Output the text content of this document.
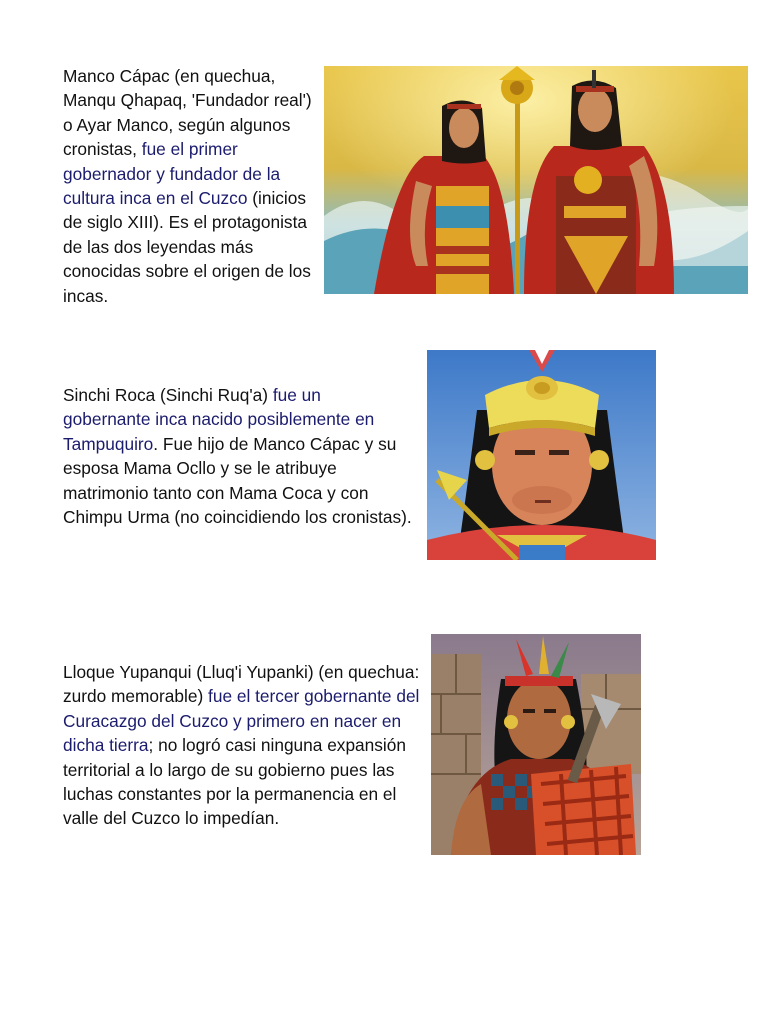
Manco Cápac (en quechua, Manqu Qhapaq, 'Fundador real') o Ayar Manco, según algunos cronistas, fue el primer gobernador y fundador de la cultura inca en el Cuzco (inicios de siglo XIII). Es el protagonista de las dos leyendas más conocidas sobre el origen de los incas.

Sinchi Roca (Sinchi Ruq'a) fue un gobernante inca nacido posiblemente en Tampuquiro. Fue hijo de Manco Cápac y su esposa Mama Ocllo y se le atribuye matrimonio tanto con Mama Coca y con Chimpu Urma (no coincidiendo los cronistas).

Lloque Yupanqui (Lluq'i Yupanki) (en quechua: zurdo memorable) fue el tercer gobernante del Curacazgo del Cuzco y primero en nacer en dicha tierra; no logró casi ninguna expansión territorial a lo largo de su gobierno pues las luchas constantes por la permanencia en el valle del Cuzco lo impedían.
